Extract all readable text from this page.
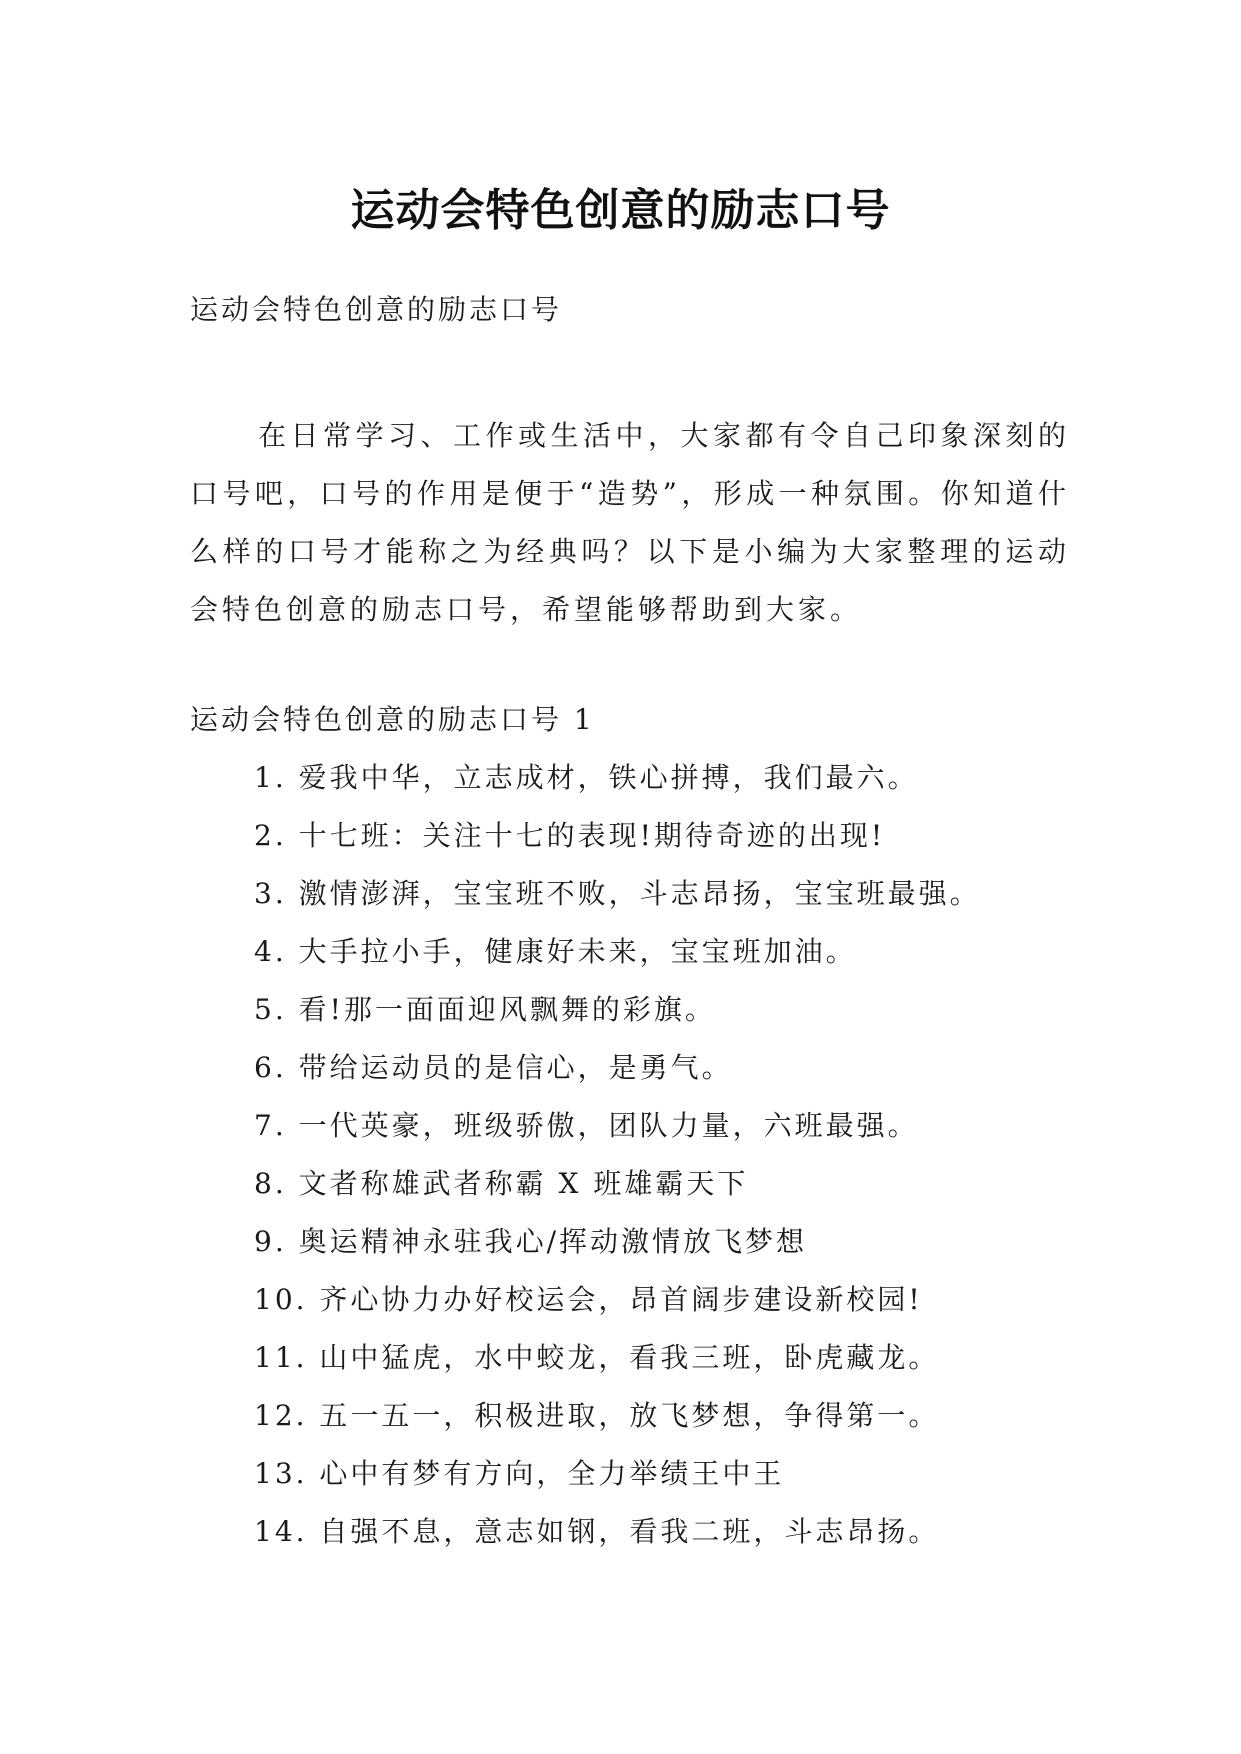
运动会特色创意的励志口号
运动会特色创意的励志口号

在日常学习、工作或生活中，大家都有令自己印象深刻的口号吧，口号的作用是便于“造势”，形成一种氛围。你知道什么样的口号才能称之为经典吗？以下是小编为大家整理的运动会特色创意的励志口号，希望能够帮助到大家。

运动会特色创意的励志口号 1
1. 爱我中华，立志成材，铁心拼搏，我们最六。
2. 十七班：关注十七的表现!期待奇迹的出现!
3. 激情澎湃，宝宝班不败，斗志昂扬，宝宝班最强。
4. 大手拉小手，健康好未来，宝宝班加油。
5. 看!那一面面迎风飘舞的彩旗。
6. 带给运动员的是信心，是勇气。
7. 一代英豪，班级骄傲，团队力量，六班最强。
8. 文者称雄武者称霸 X 班雄霸天下
9. 奥运精神永驻我心/挥动激情放飞梦想
10. 齐心协力办好校运会，昂首阔步建设新校园!
11. 山中猛虎，水中蛟龙，看我三班，卧虎藏龙。
12. 五一五一，积极进取，放飞梦想，争得第一。
13. 心中有梦有方向，全力举绩王中王
14. 自强不息，意志如钢，看我二班，斗志昂扬。
